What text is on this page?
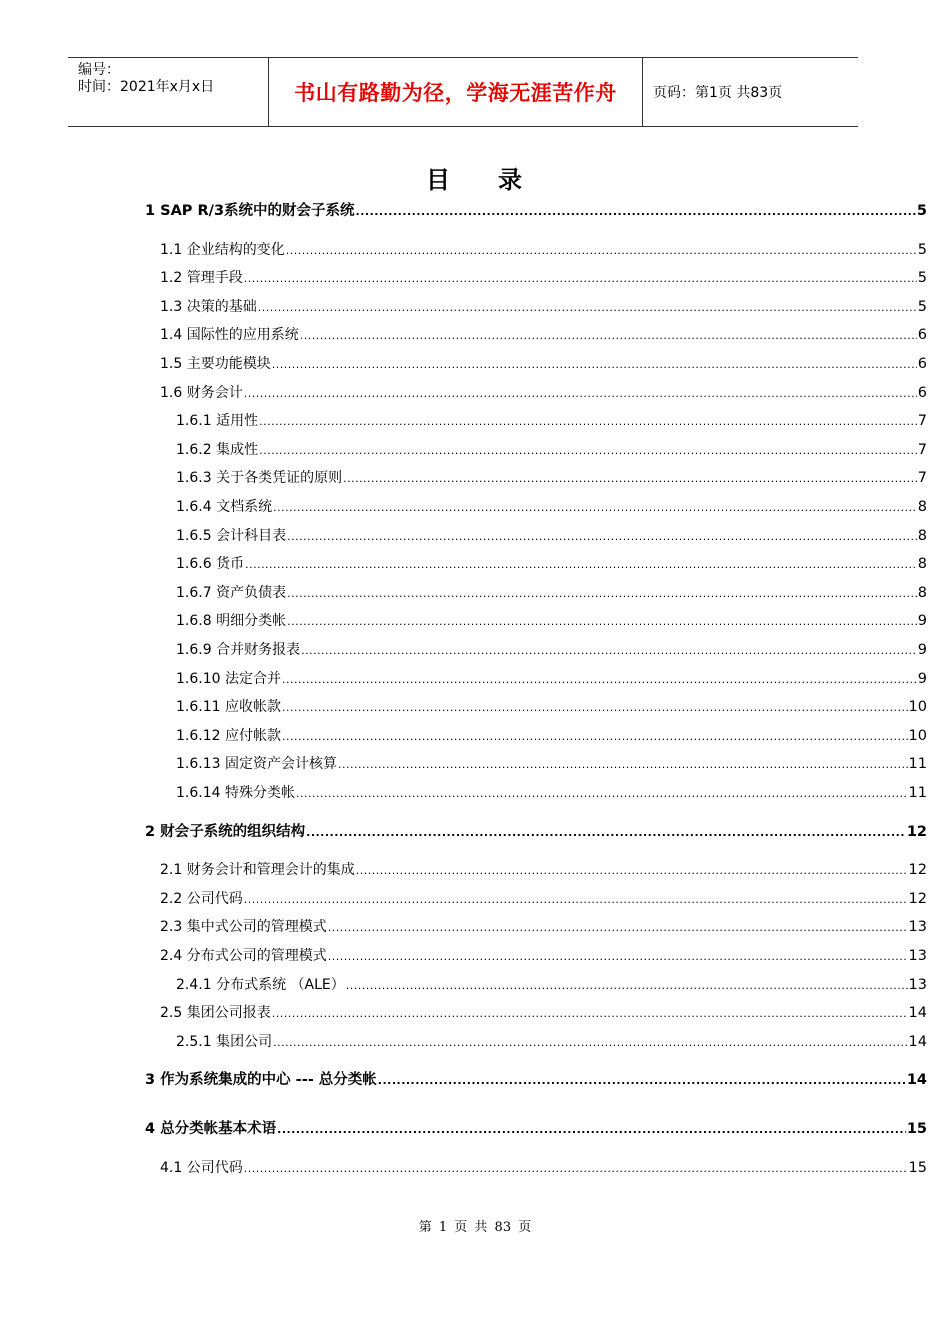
编号：
时间：2021年x月x日	书山有路勤为径，学海无涯苦作舟	页码：第1页 共83页
目 录
1 SAP R/3系统中的财会子系统 .....	5
1.1 企业结构的变化 .....	5
1.2 管理手段 .....	5
1.3 决策的基础 .....	5
1.4 国际性的应用系统 .....	6
1.5 主要功能模块 .....	6
1.6 财务会计 .....	6
1.6.1 适用性 .....	7
1.6.2 集成性 .....	7
1.6.3 关于各类凭证的原则 .....	7
1.6.4 文档系统 .....	8
1.6.5 会计科目表 .....	8
1.6.6 货币 .....	8
1.6.7 资产负债表 .....	8
1.6.8 明细分类帐 .....	9
1.6.9 合并财务报表 .....	9
1.6.10 法定合并 .....	9
1.6.11 应收帐款 .....	10
1.6.12 应付帐款 .....	10
1.6.13 固定资产会计核算 .....	11
1.6.14 特殊分类帐 .....	11
2 财会子系统的组织结构 .....	12
2.1 财务会计和管理会计的集成 .....	12
2.2 公司代码 .....	12
2.3 集中式公司的管理模式 .....	13
2.4 分布式公司的管理模式 .....	13
2.4.1 分布式系统 （ALE） .....	13
2.5 集团公司报表 .....	14
2.5.1 集团公司 .....	14
3 作为系统集成的中心 --- 总分类帐 .....	14
4 总分类帐基本术语 .....	15
4.1 公司代码 .....	15
第 1 页 共 83 页
